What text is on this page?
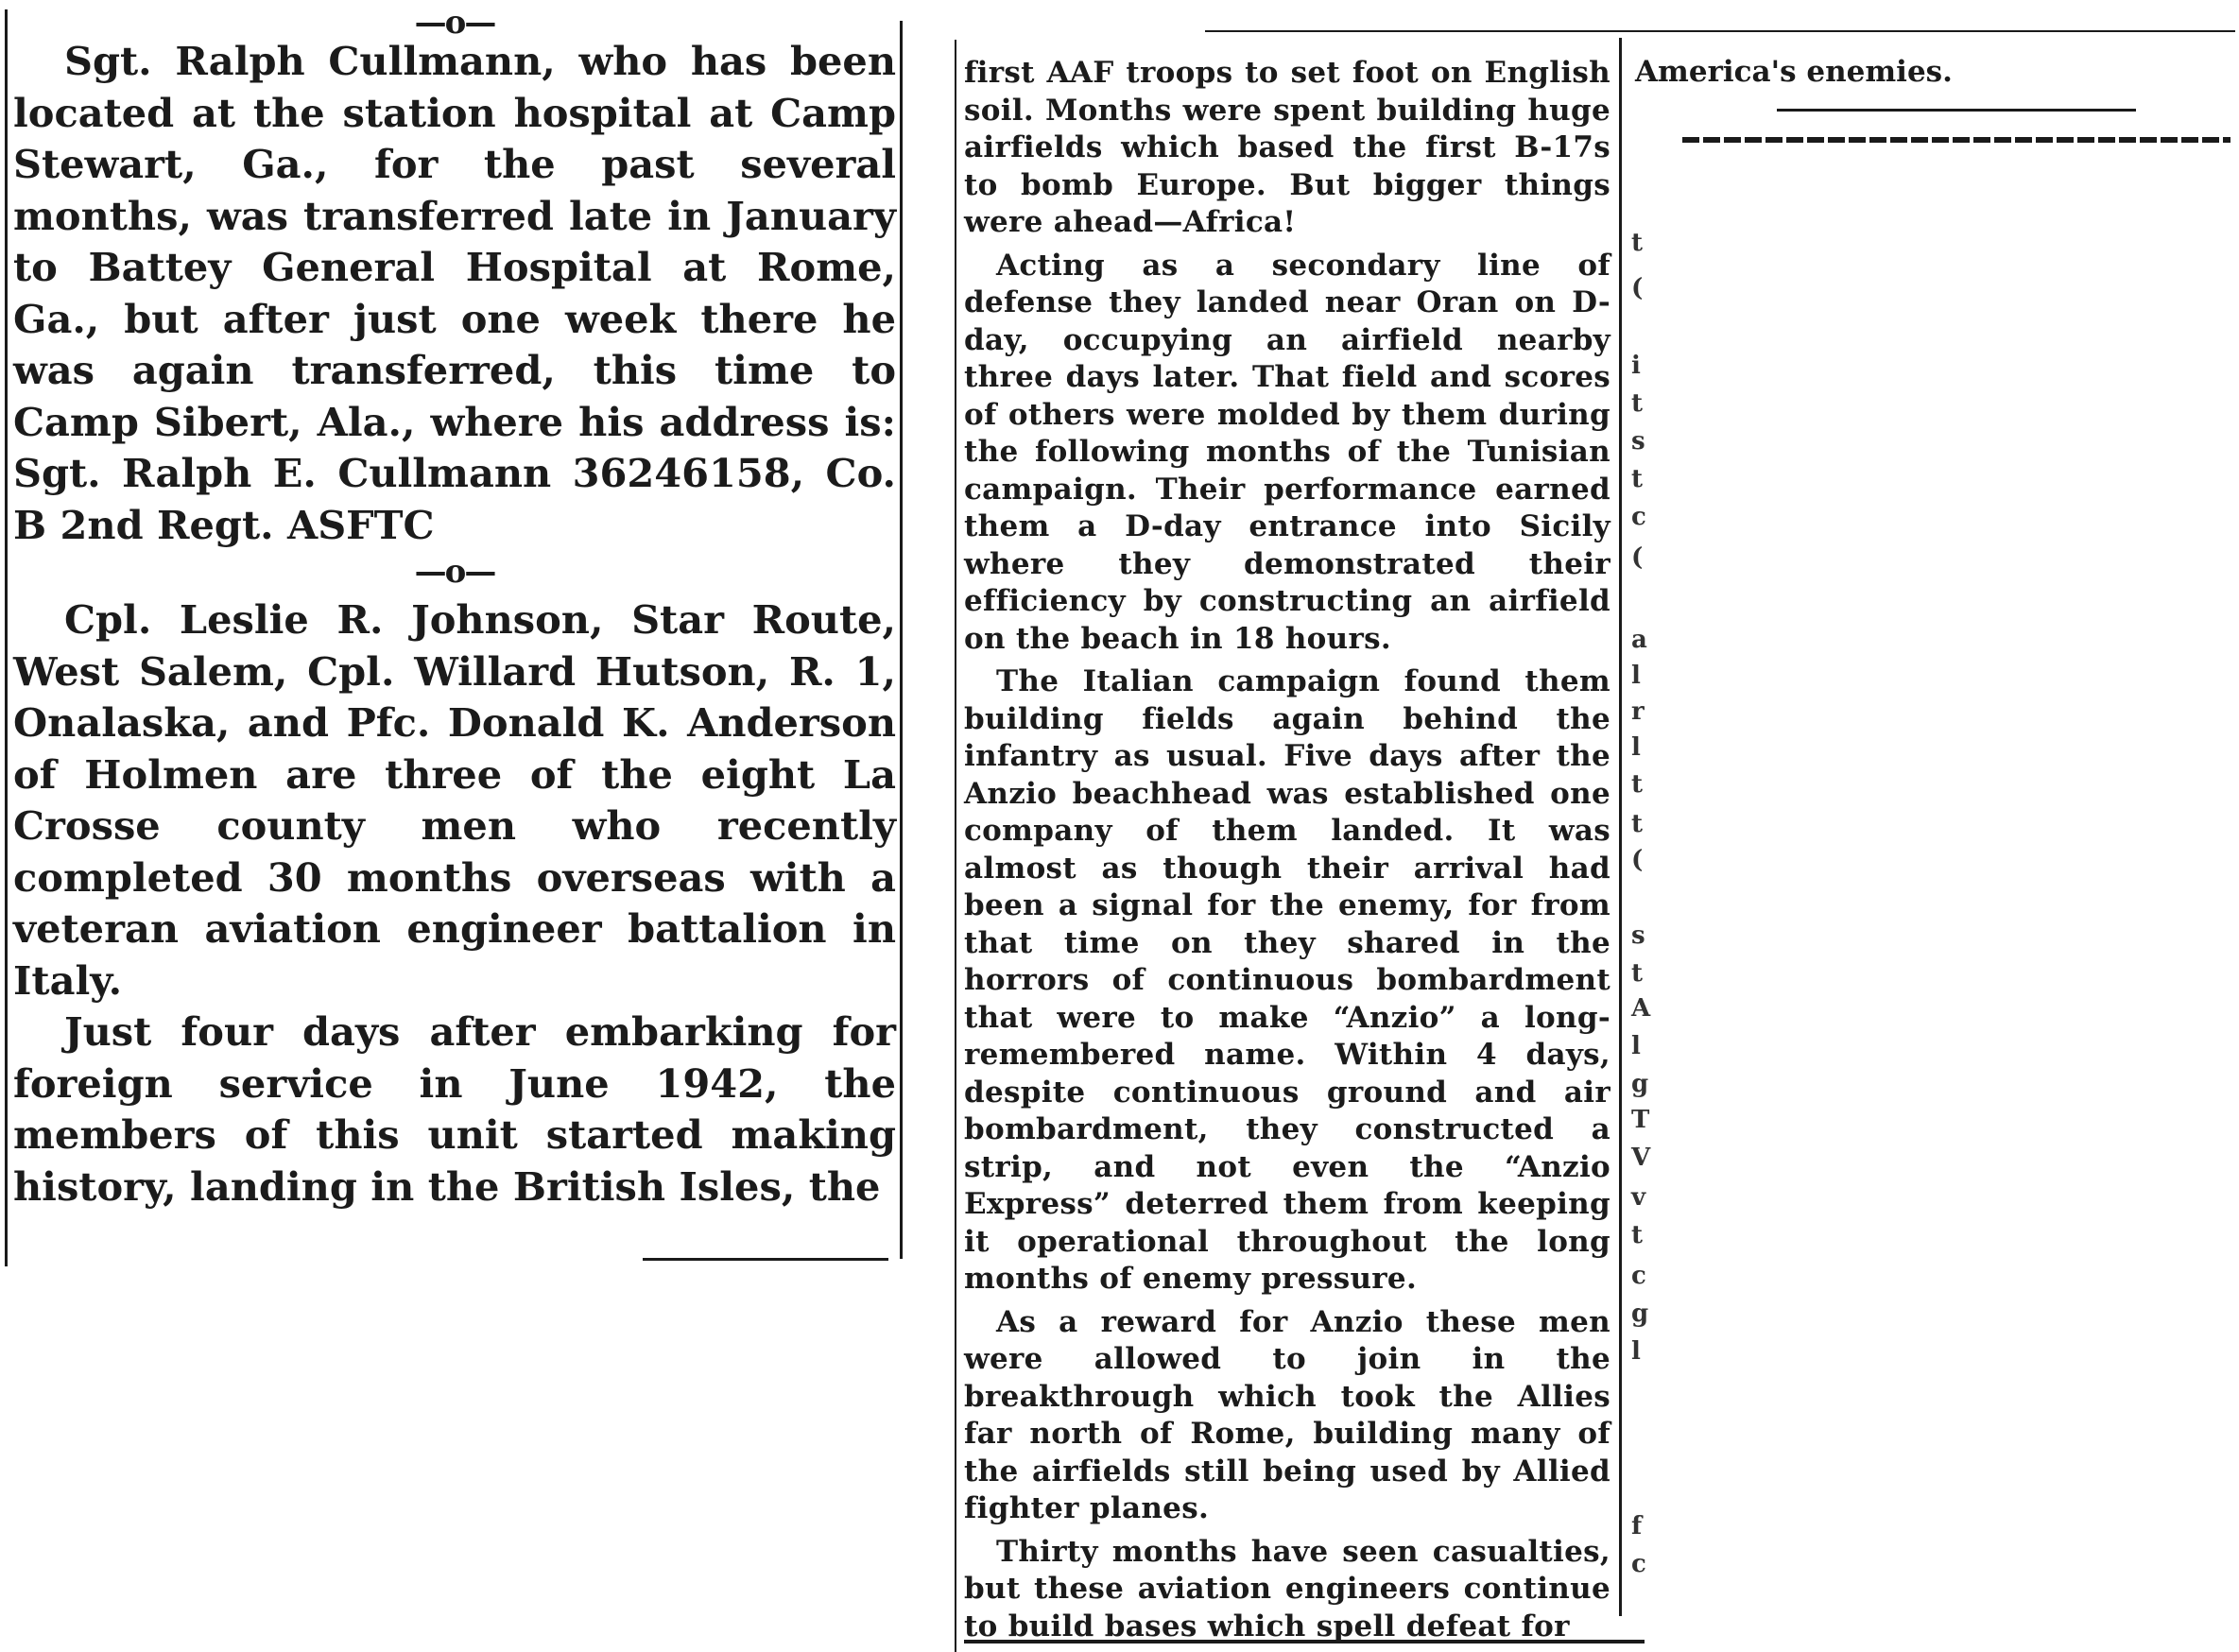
—o—

Sgt. Ralph Cullmann, who has been located at the station hospital at Camp Stewart, Ga., for the past several months, was transferred late in January to Battey General Hospital at Rome, Ga., but after just one week there he was again transferred, this time to Camp Sibert, Ala., where his address is: Sgt. Ralph E. Cullmann 36246158, Co. B 2nd Regt. ASFTC

—o—

Cpl. Leslie R. Johnson, Star Route, West Salem, Cpl. Willard Hutson, R. 1, Onalaska, and Pfc. Donald K. Anderson of Holmen are three of the eight La Crosse county men who recently completed 30 months overseas with a veteran aviation engineer battalion in Italy.

Just four days after embarking for foreign service in June 1942, the members of this unit started making history, landing in the British Isles, the

first AAF troops to set foot on English soil. Months were spent building huge airfields which based the first B-17s to bomb Europe. But bigger things were ahead—Africa!

Acting as a secondary line of defense they landed near Oran on D-day, occupying an airfield nearby three days later. That field and scores of others were molded by them during the following months of the Tunisian campaign. Their performance earned them a D-day entrance into Sicily where they demonstrated their efficiency by constructing an airfield on the beach in 18 hours.

The Italian campaign found them building fields again behind the infantry as usual. Five days after the Anzio beachhead was established one company of them landed. It was almost as though their arrival had been a signal for the enemy, for from that time on they shared in the horrors of continuous bombardment that were to make “Anzio” a long-remembered name. Within 4 days, despite continuous ground and air bombardment, they constructed a strip, and not even the “Anzio Express” deterred them from keeping it operational throughout the long months of enemy pressure.

As a reward for Anzio these men were allowed to join in the breakthrough which took the Allies far north of Rome, building many of the airfields still being used by Allied fighter planes.

Thirty months have seen casualties, but these aviation engineers continue to build bases which spell defeat for

America's enemies.

t
(
i
t
s
t
c
(
a
l
r
l
t
t
(
s
t
A
l
g
T
V
v
t
c
g
l
f
c
